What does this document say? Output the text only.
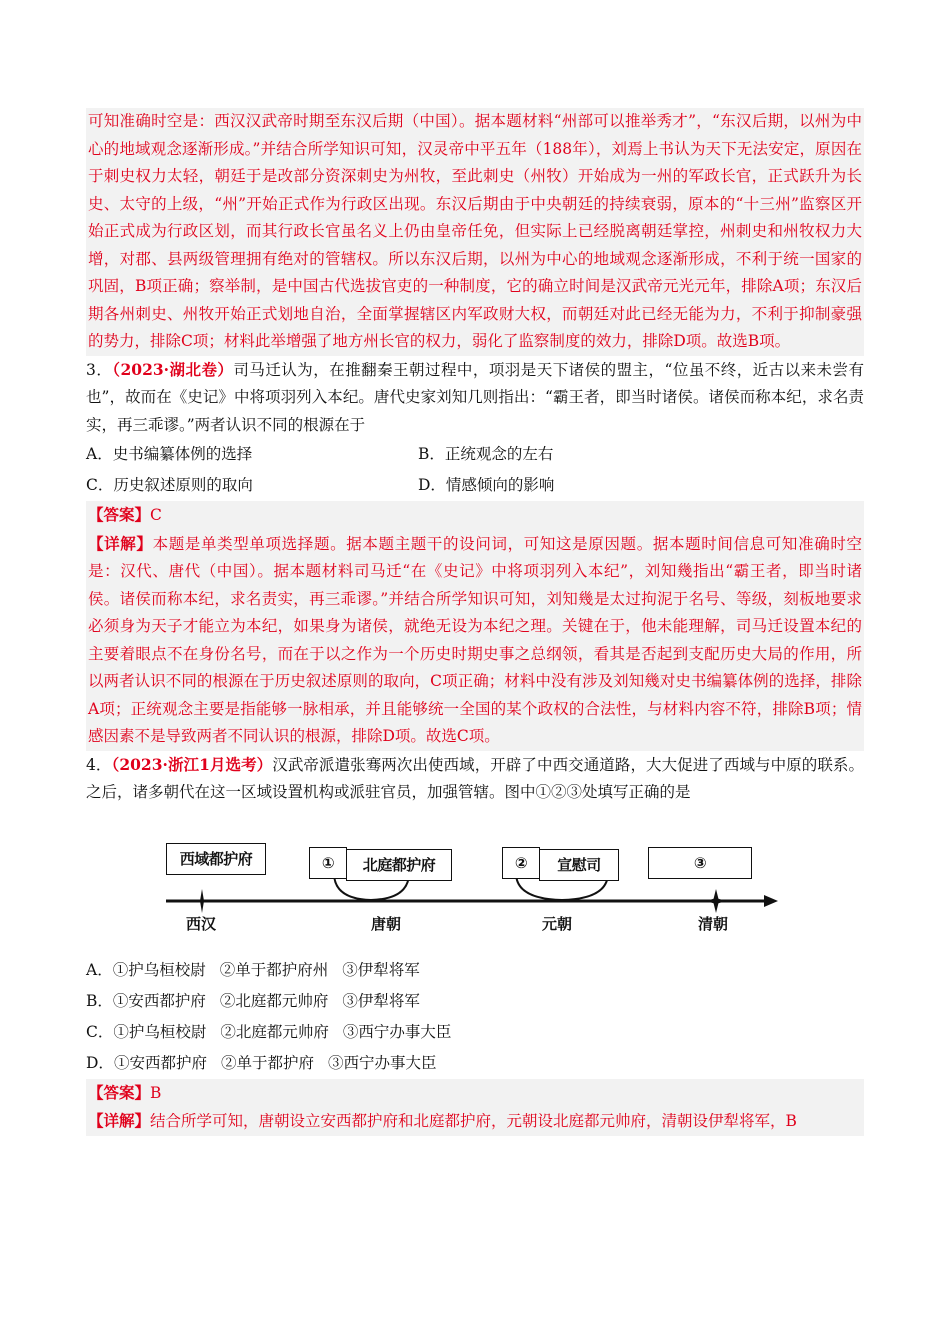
可知准确时空是：西汉汉武帝时期至东汉后期（中国）。据本题材料“州部可以推举秀才”，“东汉后期，以州为中心的地域观念逐渐形成。”并结合所学知识可知，汉灵帝中平五年（188年），刘焉上书认为天下无法安定，原因在于刺史权力太轻，朝廷于是改部分资深刺史为州牧，至此刺史（州牧）开始成为一州的军政长官，正式跃升为长史、太守的上级，“州”开始正式作为行政区出现。东汉后期由于中央朝廷的持续衰弱，原本的“十三州”监察区开始正式成为行政区划，而其行政长官虽名义上仍由皇帝任免，但实际上已经脱离朝廷掌控，州刺史和州牧权力大增，对郡、县两级管理拥有绝对的管辖权。所以东汉后期，以州为中心的地域观念逐渐形成，不利于统一国家的巩固，B项正确；察举制，是中国古代选拔官吏的一种制度，它的确立时间是汉武帝元光元年，排除A项；东汉后期各州刺史、州牧开始正式划地自治，全面掌握辖区内军政财大权，而朝廷对此已经无能为力，不利于抑制豪强的势力，排除C项；材料此举增强了地方州长官的权力，弱化了监察制度的效力，排除D项。故选B项。

3．（2023·湖北卷）司马迁认为，在推翻秦王朝过程中，项羽是天下诸侯的盟主，“位虽不终，近古以来未尝有也”，故而在《史记》中将项羽列入本纪。唐代史家刘知几则指出：“霸王者，即当时诸侯。诸侯而称本纪，求名责实，再三乖谬。”两者认识不同的根源在于

A．史书编纂体例的选择	B．正统观念的左右
C．历史叙述原则的取向	D．情感倾向的影响

【答案】C

【详解】本题是单类型单项选择题。据本题主题干的设问词，可知这是原因题。据本题时间信息可知准确时空是：汉代、唐代（中国）。据本题材料司马迁“在《史记》中将项羽列入本纪”，刘知幾指出“霸王者，即当时诸侯。诸侯而称本纪，求名责实，再三乖谬。”并结合所学知识可知，刘知幾是太过拘泥于名号、等级，刻板地要求必须身为天子才能立为本纪，如果身为诸侯，就绝无设为本纪之理。关键在于，他未能理解，司马迁设置本纪的主要着眼点不在身份名号，而在于以之作为一个历史时期史事之总纲领，看其是否起到支配历史大局的作用，所以两者认识不同的根源在于历史叙述原则的取向，C项正确；材料中没有涉及刘知幾对史书编纂体例的选择，排除A项；正统观念主要是指能够一脉相承，并且能够统一全国的某个政权的合法性，与材料内容不符，排除B项；情感因素不是导致两者不同认识的根源，排除D项。故选C项。

4．（2023·浙江1月选考）汉武帝派遣张骞两次出使西域，开辟了中西交通道路，大大促进了西域与中原的联系。之后，诸多朝代在这一区域设置机构或派驻官员，加强管辖。图中①②③处填写正确的是

西域都护府	①	北庭都护府	②	宣慰司	③
西汉	唐朝	元朝	清朝

A．①护乌桓校尉 ②单于都护府州 ③伊犁将军

B．①安西都护府 ②北庭都元帅府 ③伊犁将军

C．①护乌桓校尉 ②北庭都元帅府 ③西宁办事大臣

D．①安西都护府 ②单于都护府 ③西宁办事大臣

【答案】B

【详解】结合所学可知，唐朝设立安西都护府和北庭都护府，元朝设北庭都元帅府，清朝设伊犁将军，B
